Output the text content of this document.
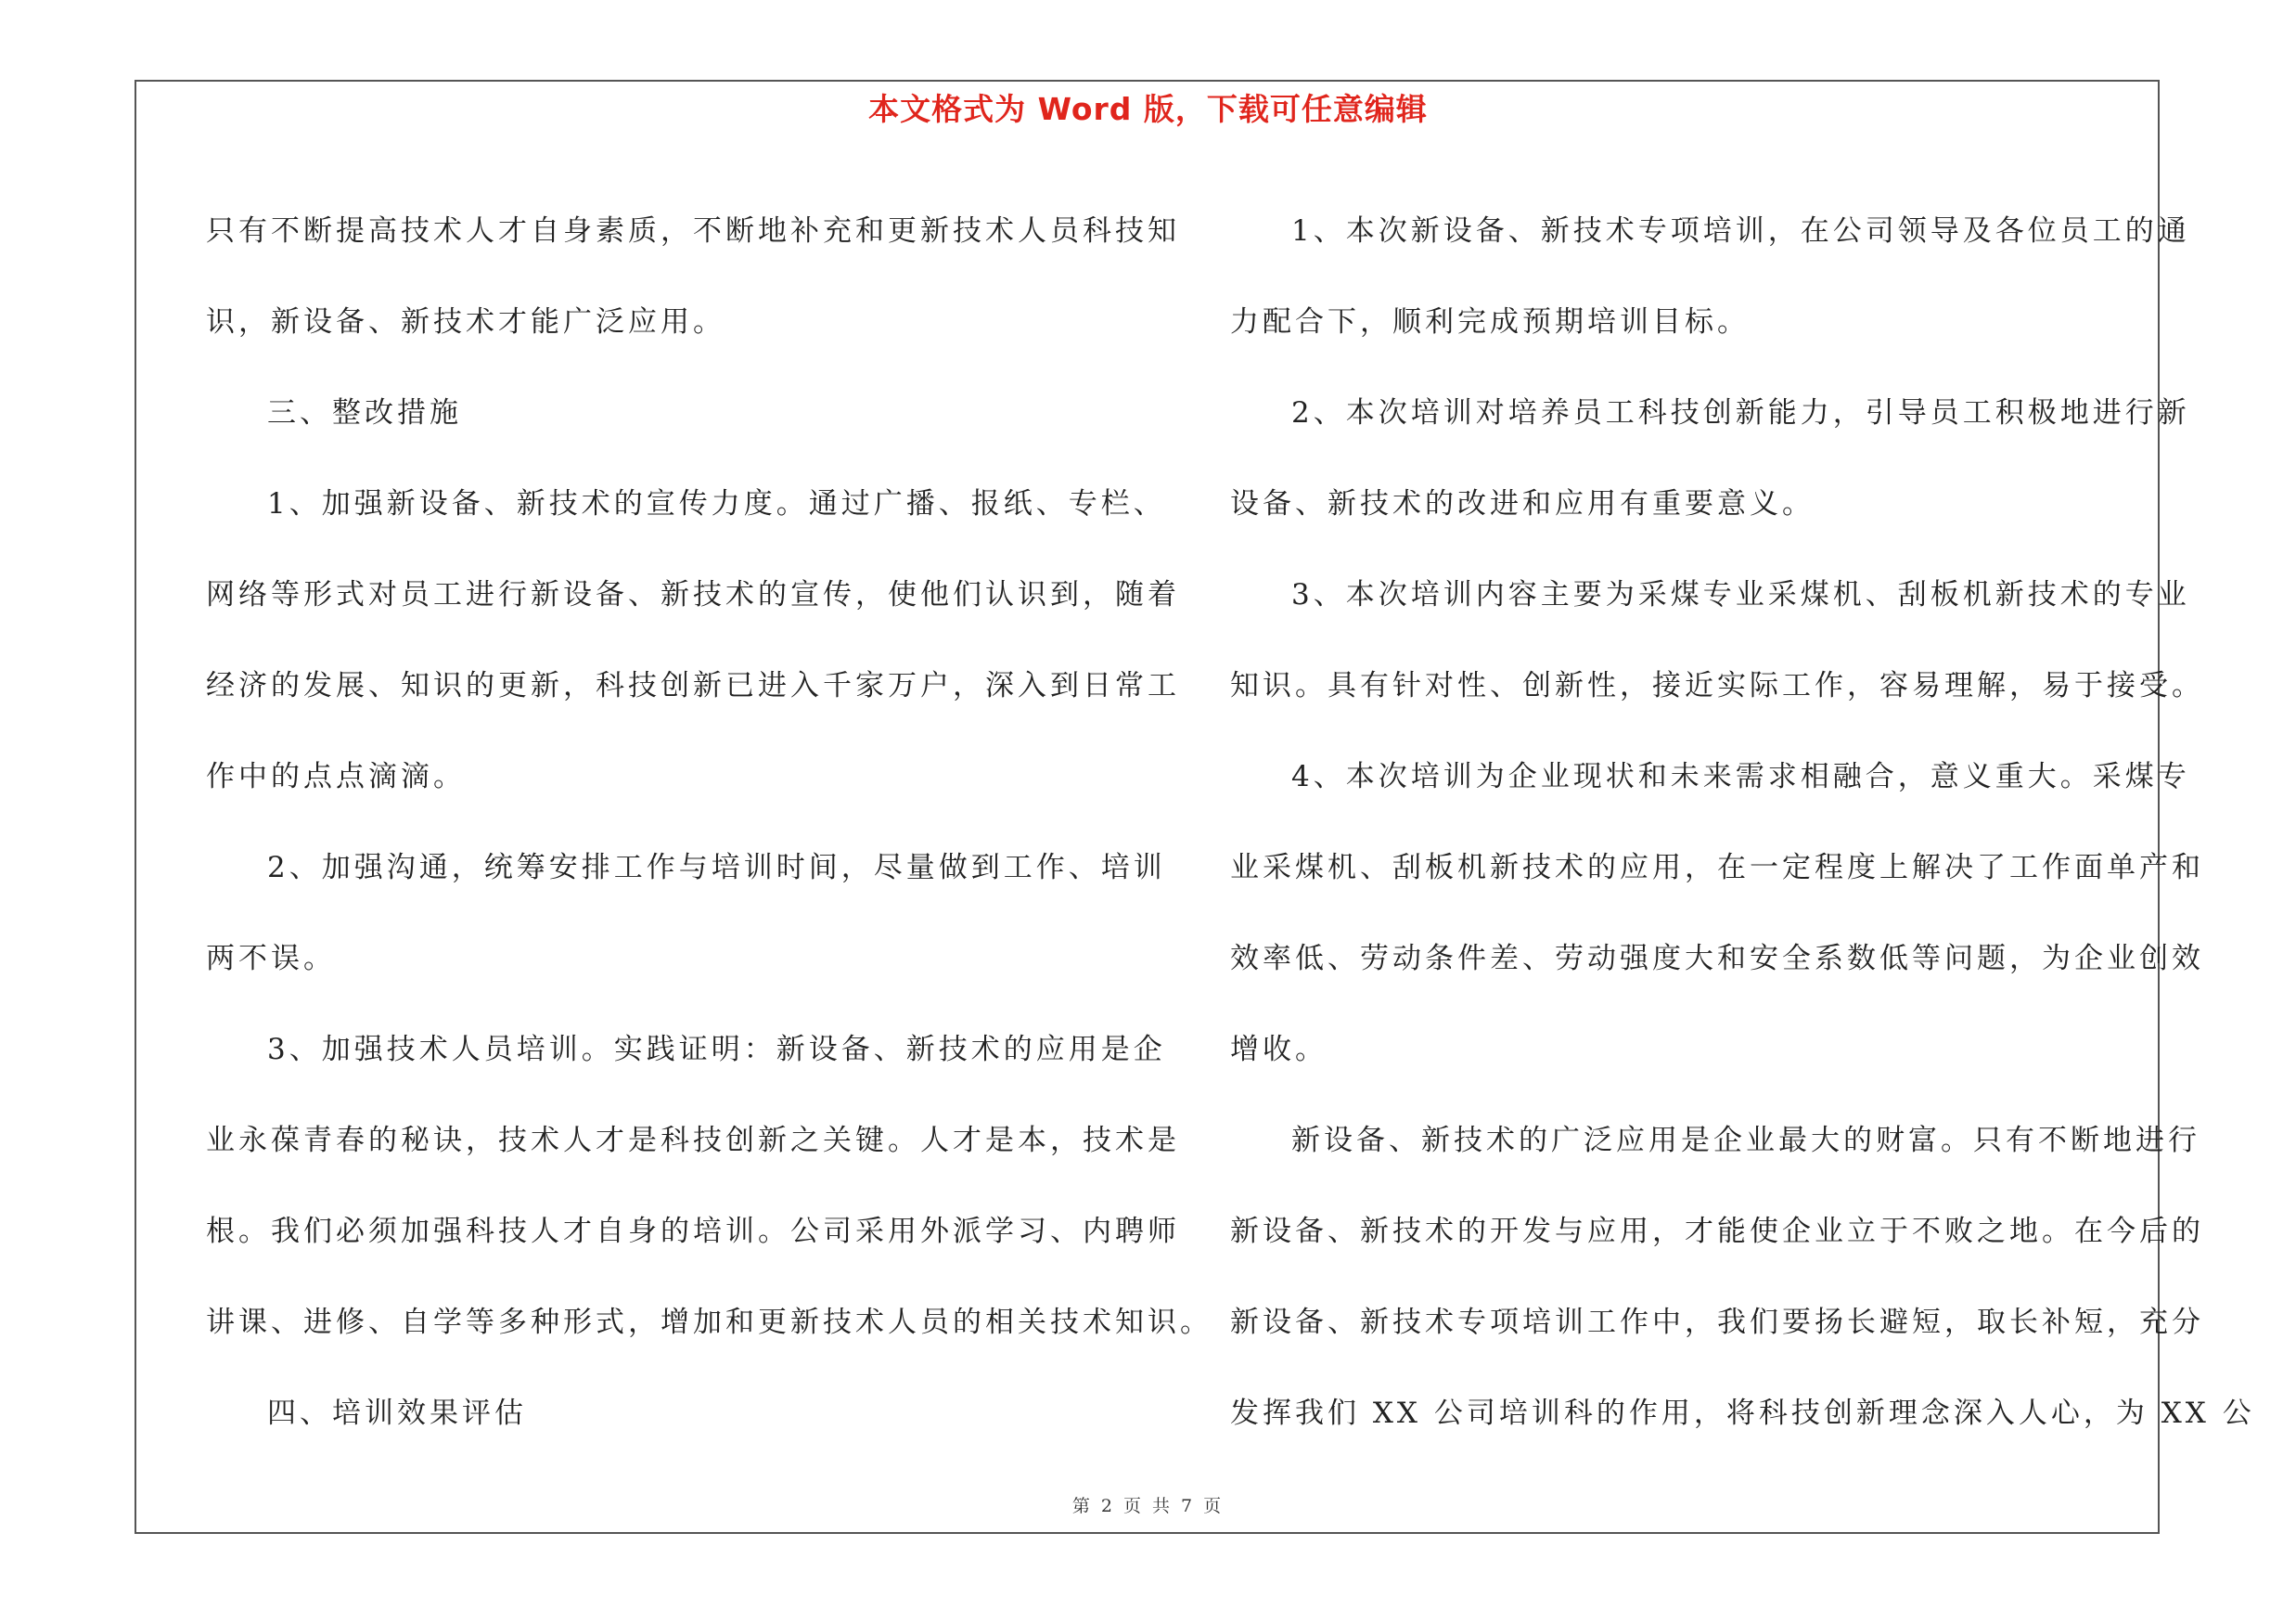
本文格式为 Word 版，下载可任意编辑
只有不断提高技术人才自身素质，不断地补充和更新技术人员科技知
识，新设备、新技术才能广泛应用。
三、整改措施
1、加强新设备、新技术的宣传力度。通过广播、报纸、专栏、
网络等形式对员工进行新设备、新技术的宣传，使他们认识到，随着
经济的发展、知识的更新，科技创新已进入千家万户，深入到日常工
作中的点点滴滴。
2、加强沟通，统筹安排工作与培训时间，尽量做到工作、培训
两不误。
3、加强技术人员培训。实践证明：新设备、新技术的应用是企
业永葆青春的秘诀，技术人才是科技创新之关键。人才是本，技术是
根。我们必须加强科技人才自身的培训。公司采用外派学习、内聘师
讲课、进修、自学等多种形式，增加和更新技术人员的相关技术知识。
四、培训效果评估
1、本次新设备、新技术专项培训，在公司领导及各位员工的通
力配合下，顺利完成预期培训目标。
2、本次培训对培养员工科技创新能力，引导员工积极地进行新
设备、新技术的改进和应用有重要意义。
3、本次培训内容主要为采煤专业采煤机、刮板机新技术的专业
知识。具有针对性、创新性，接近实际工作，容易理解，易于接受。
4、本次培训为企业现状和未来需求相融合，意义重大。采煤专
业采煤机、刮板机新技术的应用，在一定程度上解决了工作面单产和
效率低、劳动条件差、劳动强度大和安全系数低等问题，为企业创效
增收。
新设备、新技术的广泛应用是企业最大的财富。只有不断地进行
新设备、新技术的开发与应用，才能使企业立于不败之地。在今后的
新设备、新技术专项培训工作中，我们要扬长避短，取长补短，充分
发挥我们 XX 公司培训科的作用，将科技创新理念深入人心，为 XX 公
第 2 页 共 7 页
